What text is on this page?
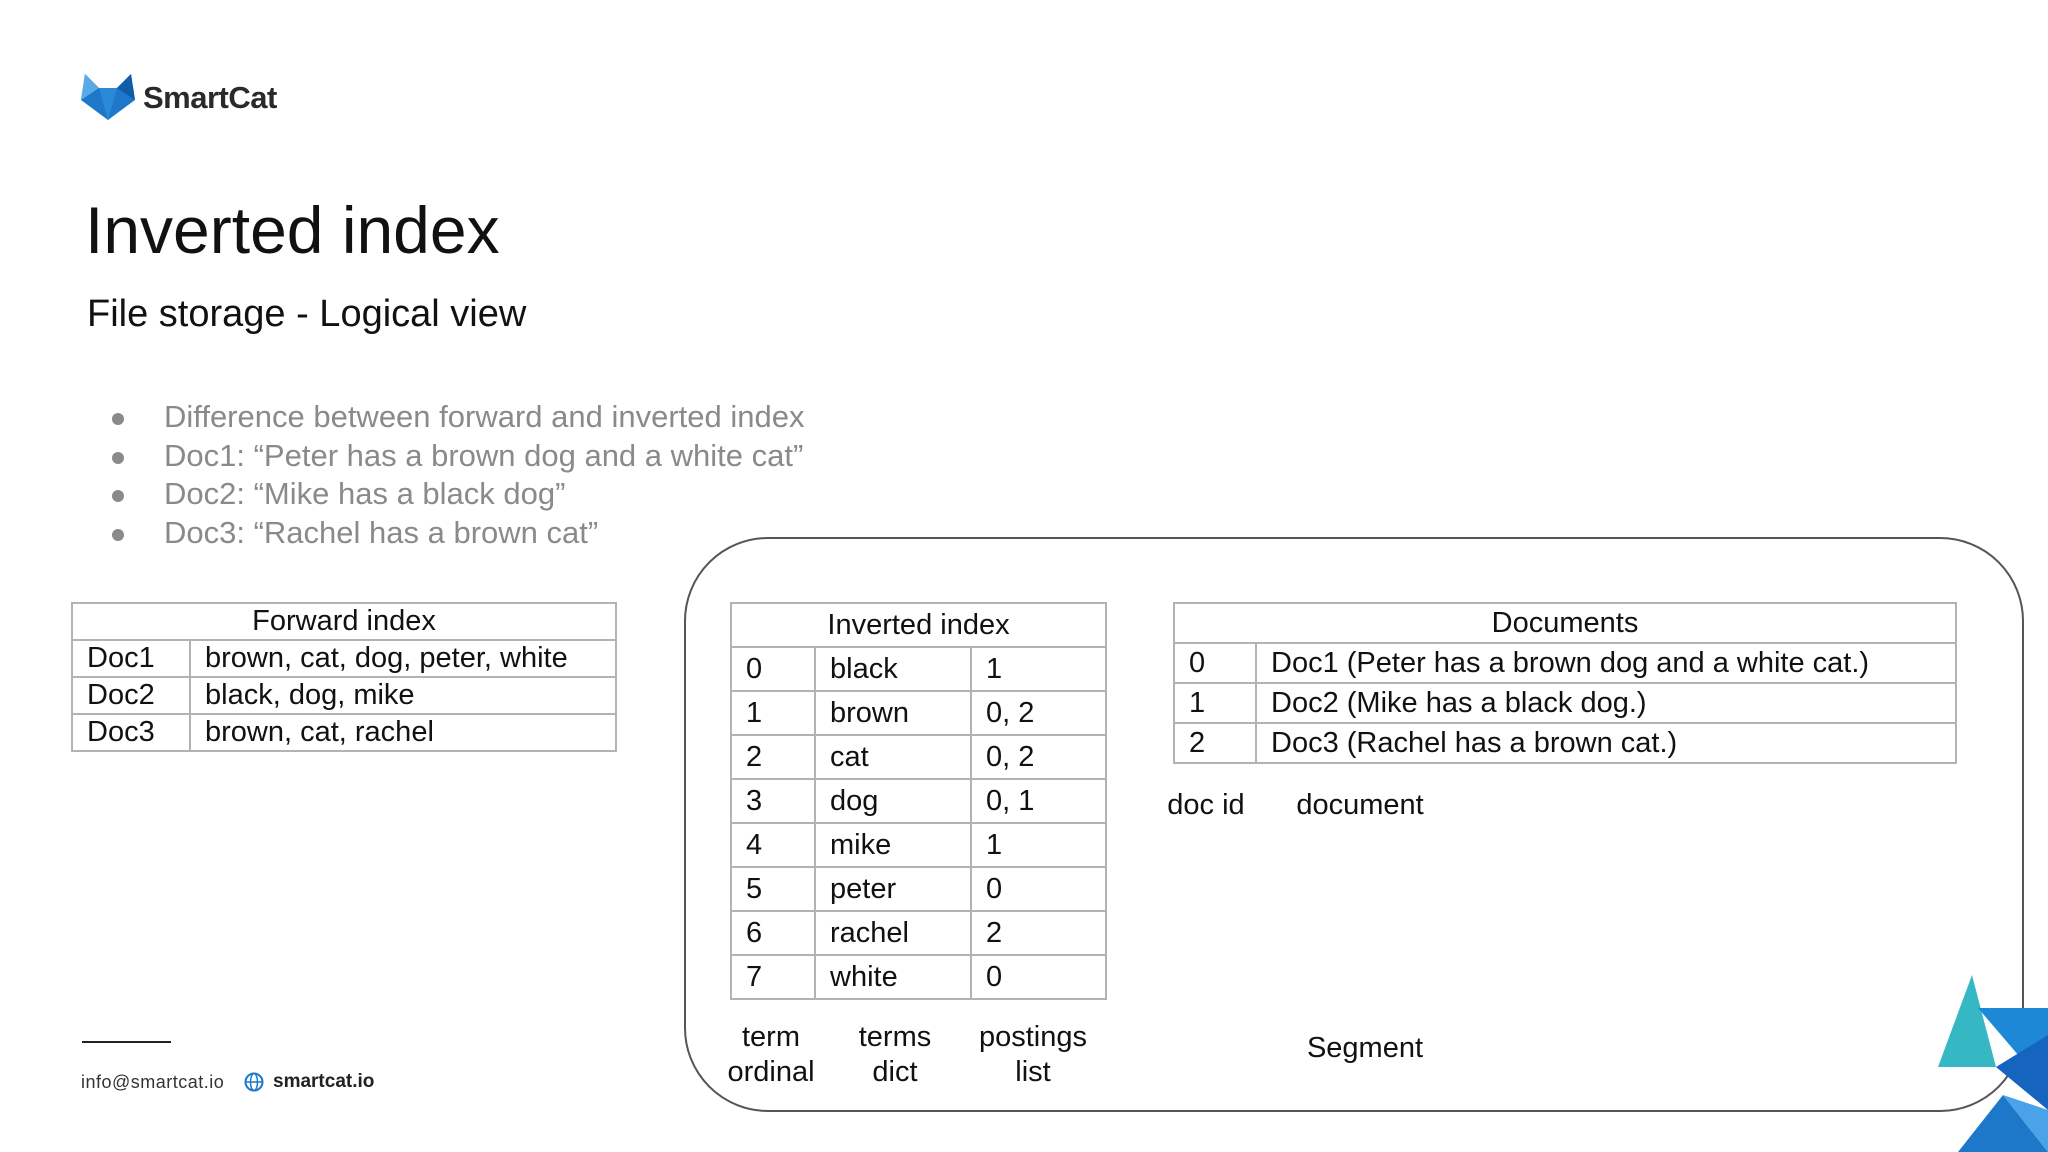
SmartCat
Inverted index
File storage - Logical view
Difference between forward and inverted index
Doc1: “Peter has a brown dog and a white cat”
Doc2: “Mike has a black dog”
Doc3: “Rachel has a brown cat”
Forward index	
Doc1	brown, cat, dog, peter, white
Doc2	black, dog, mike
Doc3	brown, cat, rachel
Inverted index		
0	black	1
1	brown	0, 2
2	cat	0, 2
3	dog	0, 1
4	mike	1
5	peter	0
6	rachel	2
7	white	0
term
ordinal
terms
dict
postings
list
Documents	
0	Doc1 (Peter has a brown dog and a white cat.)
1	Doc2 (Mike has a black dog.)
2	Doc3 (Rachel has a brown cat.)
doc id	document
Segment
info@smartcat.io	smartcat.io
